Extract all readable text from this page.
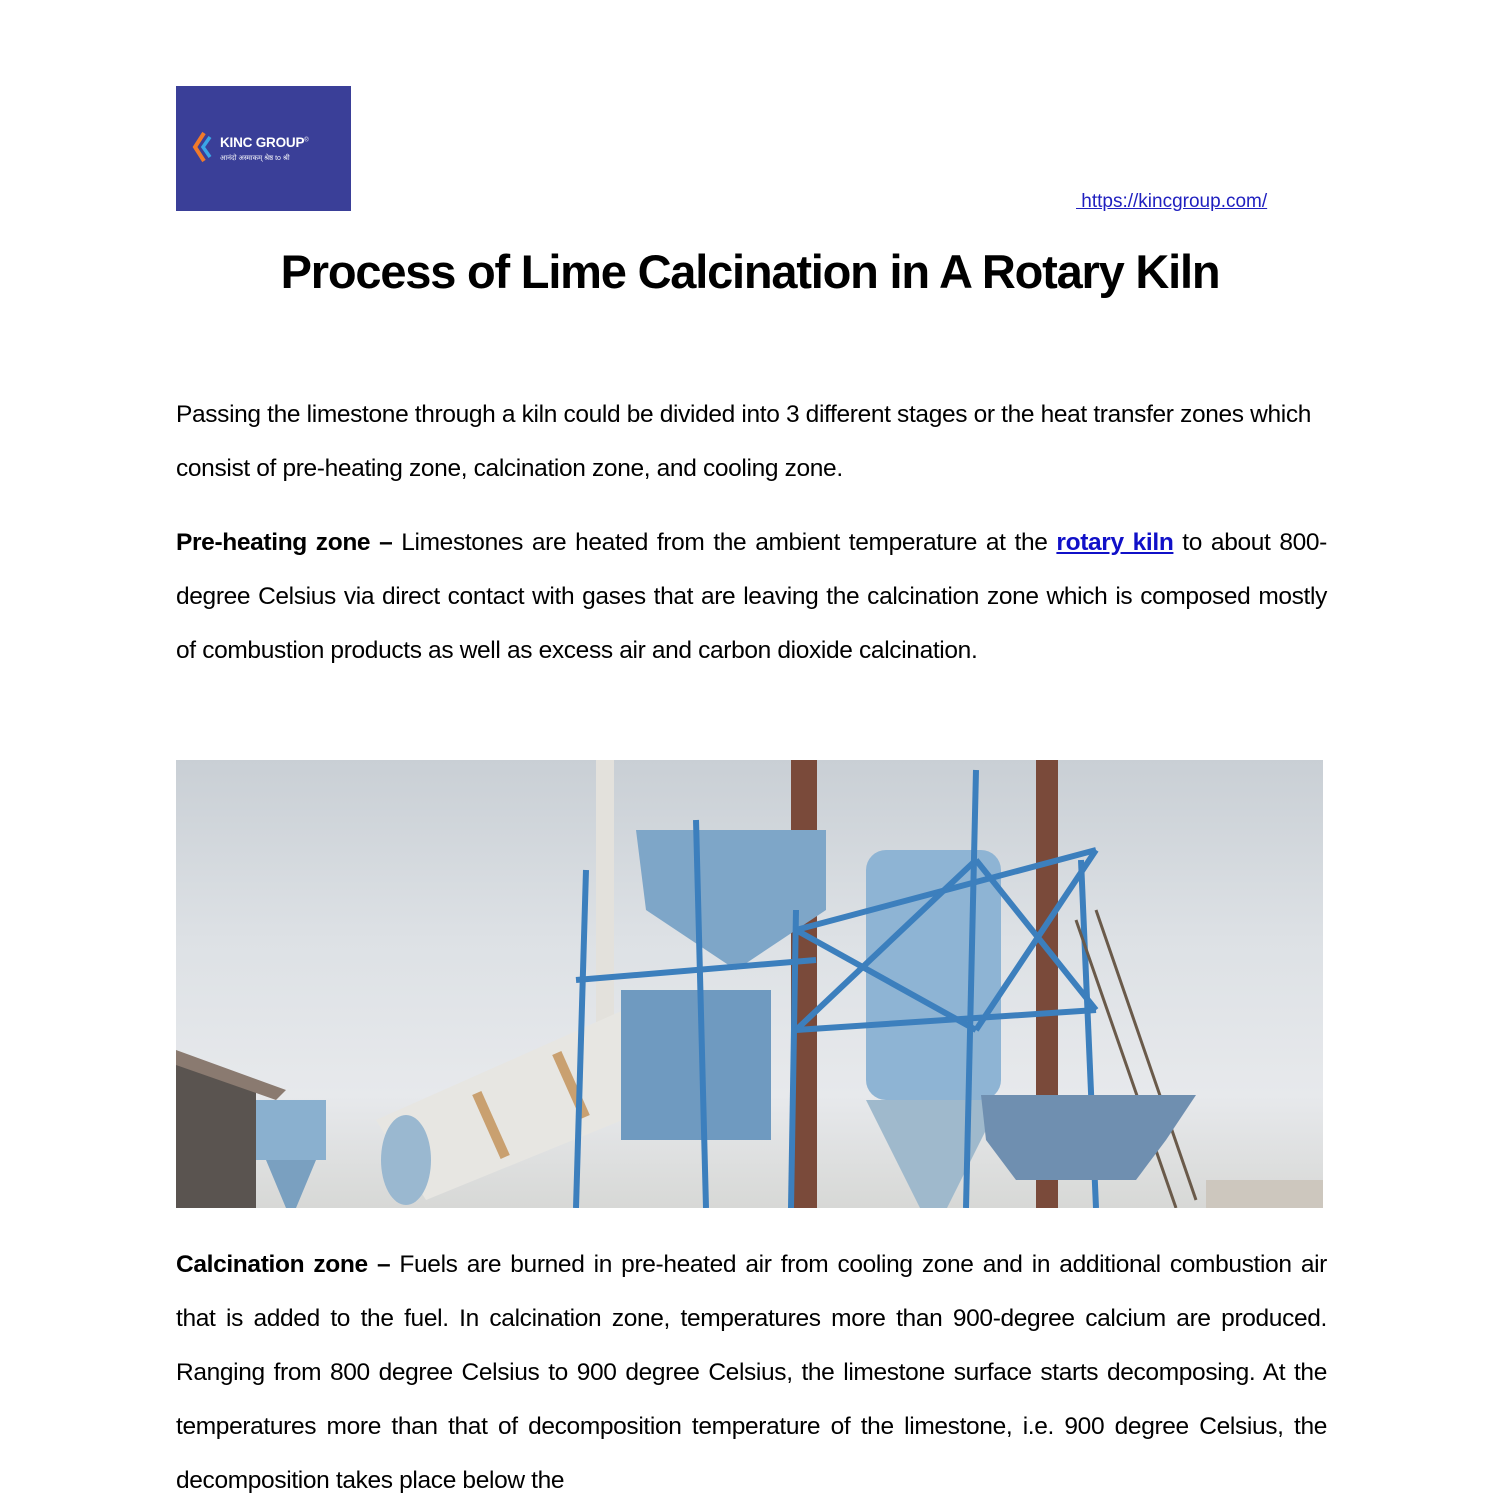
KINC GROUP®
आनंदो अस्माकम् श्रेष्ठ to श्री
https://kincgroup.com/
Process of Lime Calcination in A Rotary Kiln

Passing the limestone through a kiln could be divided into 3 different stages or the heat transfer zones which consist of pre-heating zone, calcination zone, and cooling zone.

Pre-heating zone – Limestones are heated from the ambient temperature at the rotary kiln to about 800-degree Celsius via direct contact with gases that are leaving the calcination zone which is composed mostly of combustion products as well as excess air and carbon dioxide calcination.

Calcination zone – Fuels are burned in pre-heated air from cooling zone and in additional combustion air that is added to the fuel. In calcination zone, temperatures more than 900-degree calcium are produced. Ranging from 800 degree Celsius to 900 degree Celsius, the limestone surface starts decomposing. At the temperatures more than that of decomposition temperature of the limestone, i.e. 900 degree Celsius, the decomposition takes place below the
